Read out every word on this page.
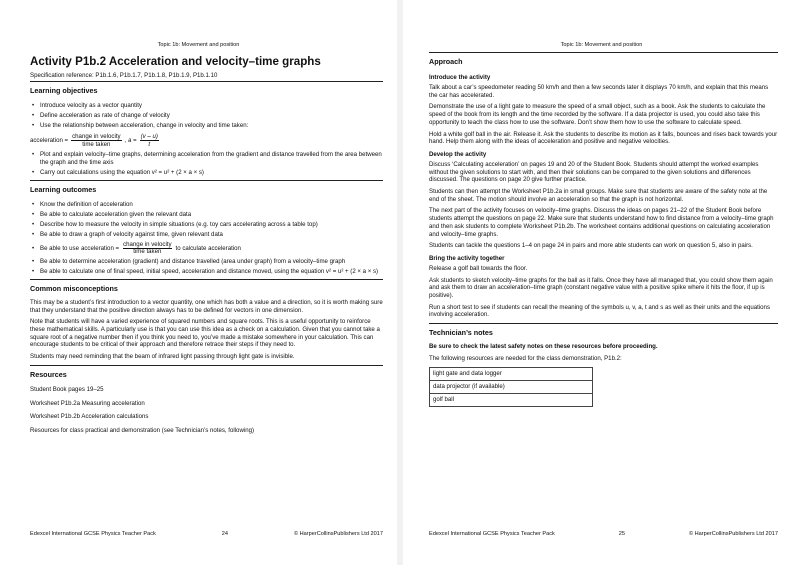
Topic 1b: Movement and position
Activity P1b.2 Acceleration and velocity–time graphs
Specification reference: P1b.1.6, P1b.1.7, P1b.1.8, P1b.1.9, P1b.1.10
Learning objectives
• Introduce velocity as a vector quantity
• Define acceleration as rate of change of velocity
• Use the relationship between acceleration, change in velocity and time taken:
acceleration = $\frac{\text{change in velocity}}{\text{time taken}}$ , $a = \frac{(v - u)}{t}$
• Plot and explain velocity–time graphs, determining acceleration from the gradient and distance travelled from the area between the graph and the time axis
• Carry out calculations using the equation v² = u² + (2 × a × s)
Learning outcomes
• Know the definition of acceleration
• Be able to calculate acceleration given the relevant data
• Describe how to measure the velocity in simple situations (e.g. toy cars accelerating across a table top)
• Be able to draw a graph of velocity against time, given relevant data
• Be able to use acceleration =
change in velocity
time taken to calculate acceleration
• Be able to determine acceleration (gradient) and distance travelled (area under graph) from a velocity–time graph
• Be able to calculate one of final speed, initial speed, acceleration and distance moved, using the equation v² = u² + (2 × a × s)
Common misconceptions

This may be a student’s first introduction to a vector quantity, one which has both a value and a direction, so it is worth making sure that they understand that the positive direction always has to be defined for vectors in one dimension.

Note that students will have a varied experience of squared numbers and square roots. This is a useful opportunity to reinforce these mathematical skills. A particularly use is that you can use this idea as a check on a calculation. Given that you cannot take a square root of a negative number then if you think you need to, you’ve made a mistake somewhere in your calculation. This can encourage students to be critical of their approach and therefore retrace their steps if they need to.

Students may need reminding that the beam of infrared light passing through light gate is invisible.

Resources

Student Book pages 19–25

Worksheet P1b.2a Measuring acceleration

Worksheet P1b.2b Acceleration calculations

Resources for class practical and demonstration (see Technician’s notes, following)

Edexcel International GCSE Physics Teacher Pack	24	© HarperCollinsPublishers Ltd 2017
Topic 1b: Movement and position
Approach
Introduce the activity

Talk about a car’s speedometer reading 50 km/h and then a few seconds later it displays 70 km/h, and explain that this means the car has accelerated.

Demonstrate the use of a light gate to measure the speed of a small object, such as a book. Ask the students to calculate the speed of the book from its length and the time recorded by the software. If a data projector is used, you could also take this opportunity to teach the class how to use the software. Don’t show them how to use the software to calculate speed.

Hold a white golf ball in the air. Release it. Ask the students to describe its motion as it falls, bounces and rises back towards your hand. Help them along with the ideas of acceleration and positive and negative velocities.

Develop the activity

Discuss ‘Calculating acceleration’ on pages 19 and 20 of the Student Book. Students should attempt the worked examples without the given solutions to start with, and then their solutions can be compared to the given solutions and differences discussed. The questions on page 20 give further practice.

Students can then attempt the Worksheet P1b.2a in small groups. Make sure that students are aware of the safety note at the end of the sheet. The motion should involve an acceleration so that the graph is not horizontal.

The next part of the activity focuses on velocity–time graphs. Discuss the ideas on pages 21–22 of the Student Book before students attempt the questions on page 22. Make sure that students understand how to find distance from a velocity–time graph and then ask students to complete Worksheet P1b.2b. The worksheet contains additional questions on calculating acceleration and velocity–time graphs.

Students can tackle the questions 1–4 on page 24 in pairs and more able students can work on question 5, also in pairs.

Bring the activity together

Release a golf ball towards the floor.

Ask students to sketch velocity–time graphs for the ball as it falls. Once they have all managed that, you could show them again and ask them to draw an acceleration–time graph (constant negative value with a positive spike where it hits the floor, if up is positive).

Run a short test to see if students can recall the meaning of the symbols u, v, a, t and s as well as their units and the equations involving acceleration.

Technician’s notes

Be sure to check the latest safety notes on these resources before proceeding.

The following resources are needed for the class demonstration, P1b.2:

light gate and data logger
data projector (if available)
golf ball
Edexcel International GCSE Physics Teacher Pack	25	© HarperCollinsPublishers Ltd 2017
